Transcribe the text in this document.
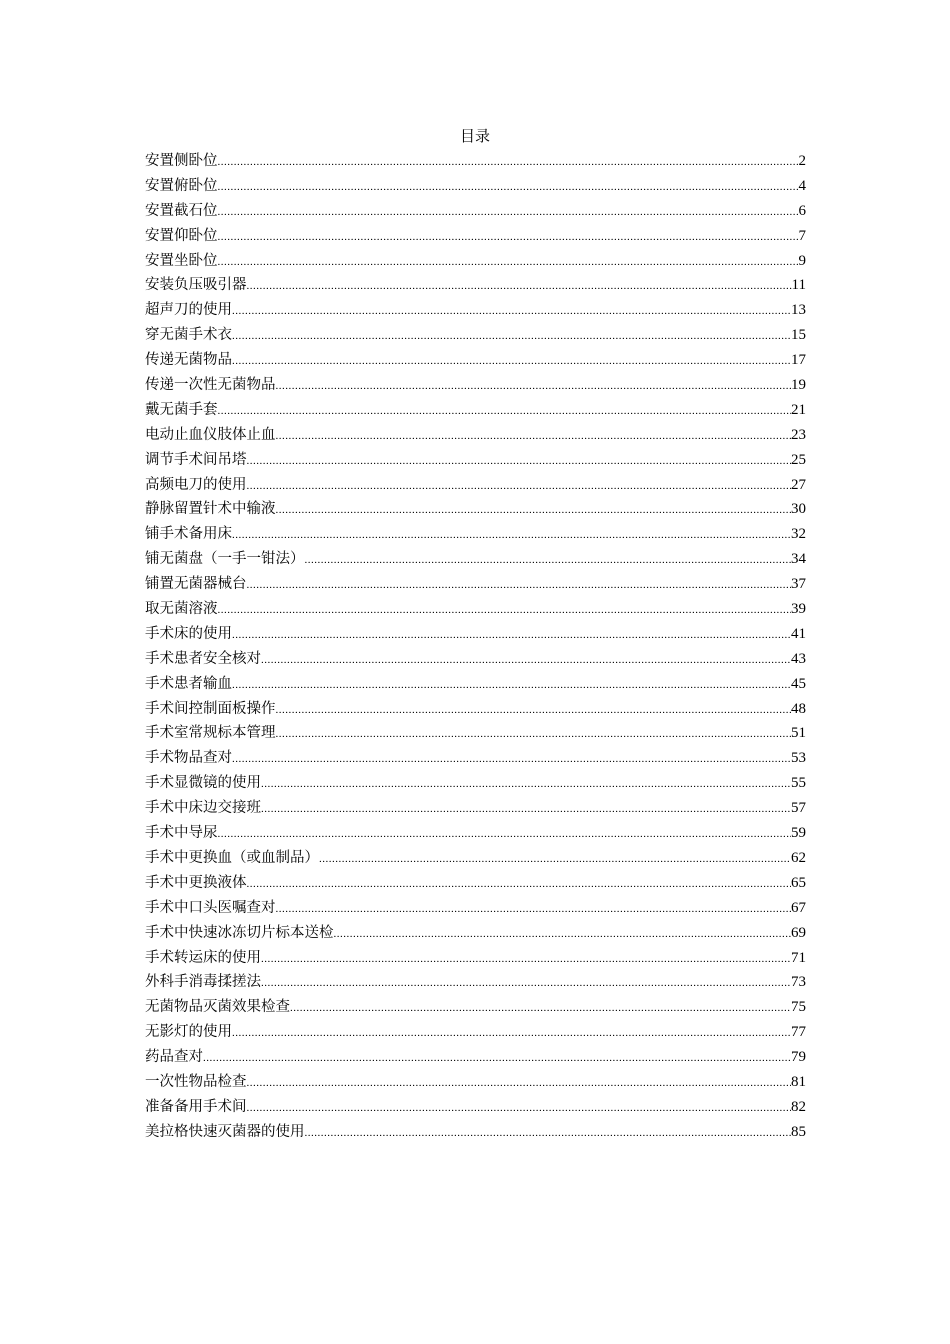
目录
安置侧卧位 .....	2
安置俯卧位 .....	4
安置截石位 .....	6
安置仰卧位 .....	7
安置坐卧位 .....	9
安装负压吸引器 .....	11
超声刀的使用 .....	13
穿无菌手术衣 .....	15
传递无菌物品 .....	17
传递一次性无菌物品 .....	19
戴无菌手套 .....	21
电动止血仪肢体止血 .....	23
调节手术间吊塔 .....	25
高频电刀的使用 .....	27
静脉留置针术中输液 .....	30
铺手术备用床 .....	32
铺无菌盘（一手一钳法） .....	34
铺置无菌器械台 .....	37
取无菌溶液 .....	39
手术床的使用 .....	41
手术患者安全核对 .....	43
手术患者输血 .....	45
手术间控制面板操作 .....	48
手术室常规标本管理 .....	51
手术物品查对 .....	53
手术显微镜的使用 .....	55
手术中床边交接班 .....	57
手术中导尿 .....	59
手术中更换血（或血制品） .....	62
手术中更换液体 .....	65
手术中口头医嘱查对 .....	67
手术中快速冰冻切片标本送检 .....	69
手术转运床的使用 .....	71
外科手消毒揉搓法 .....	73
无菌物品灭菌效果检查 .....	75
无影灯的使用 .....	77
药品查对 .....	79
一次性物品检查 .....	81
准备备用手术间 .....	82
美拉格快速灭菌器的使用 .....	85
